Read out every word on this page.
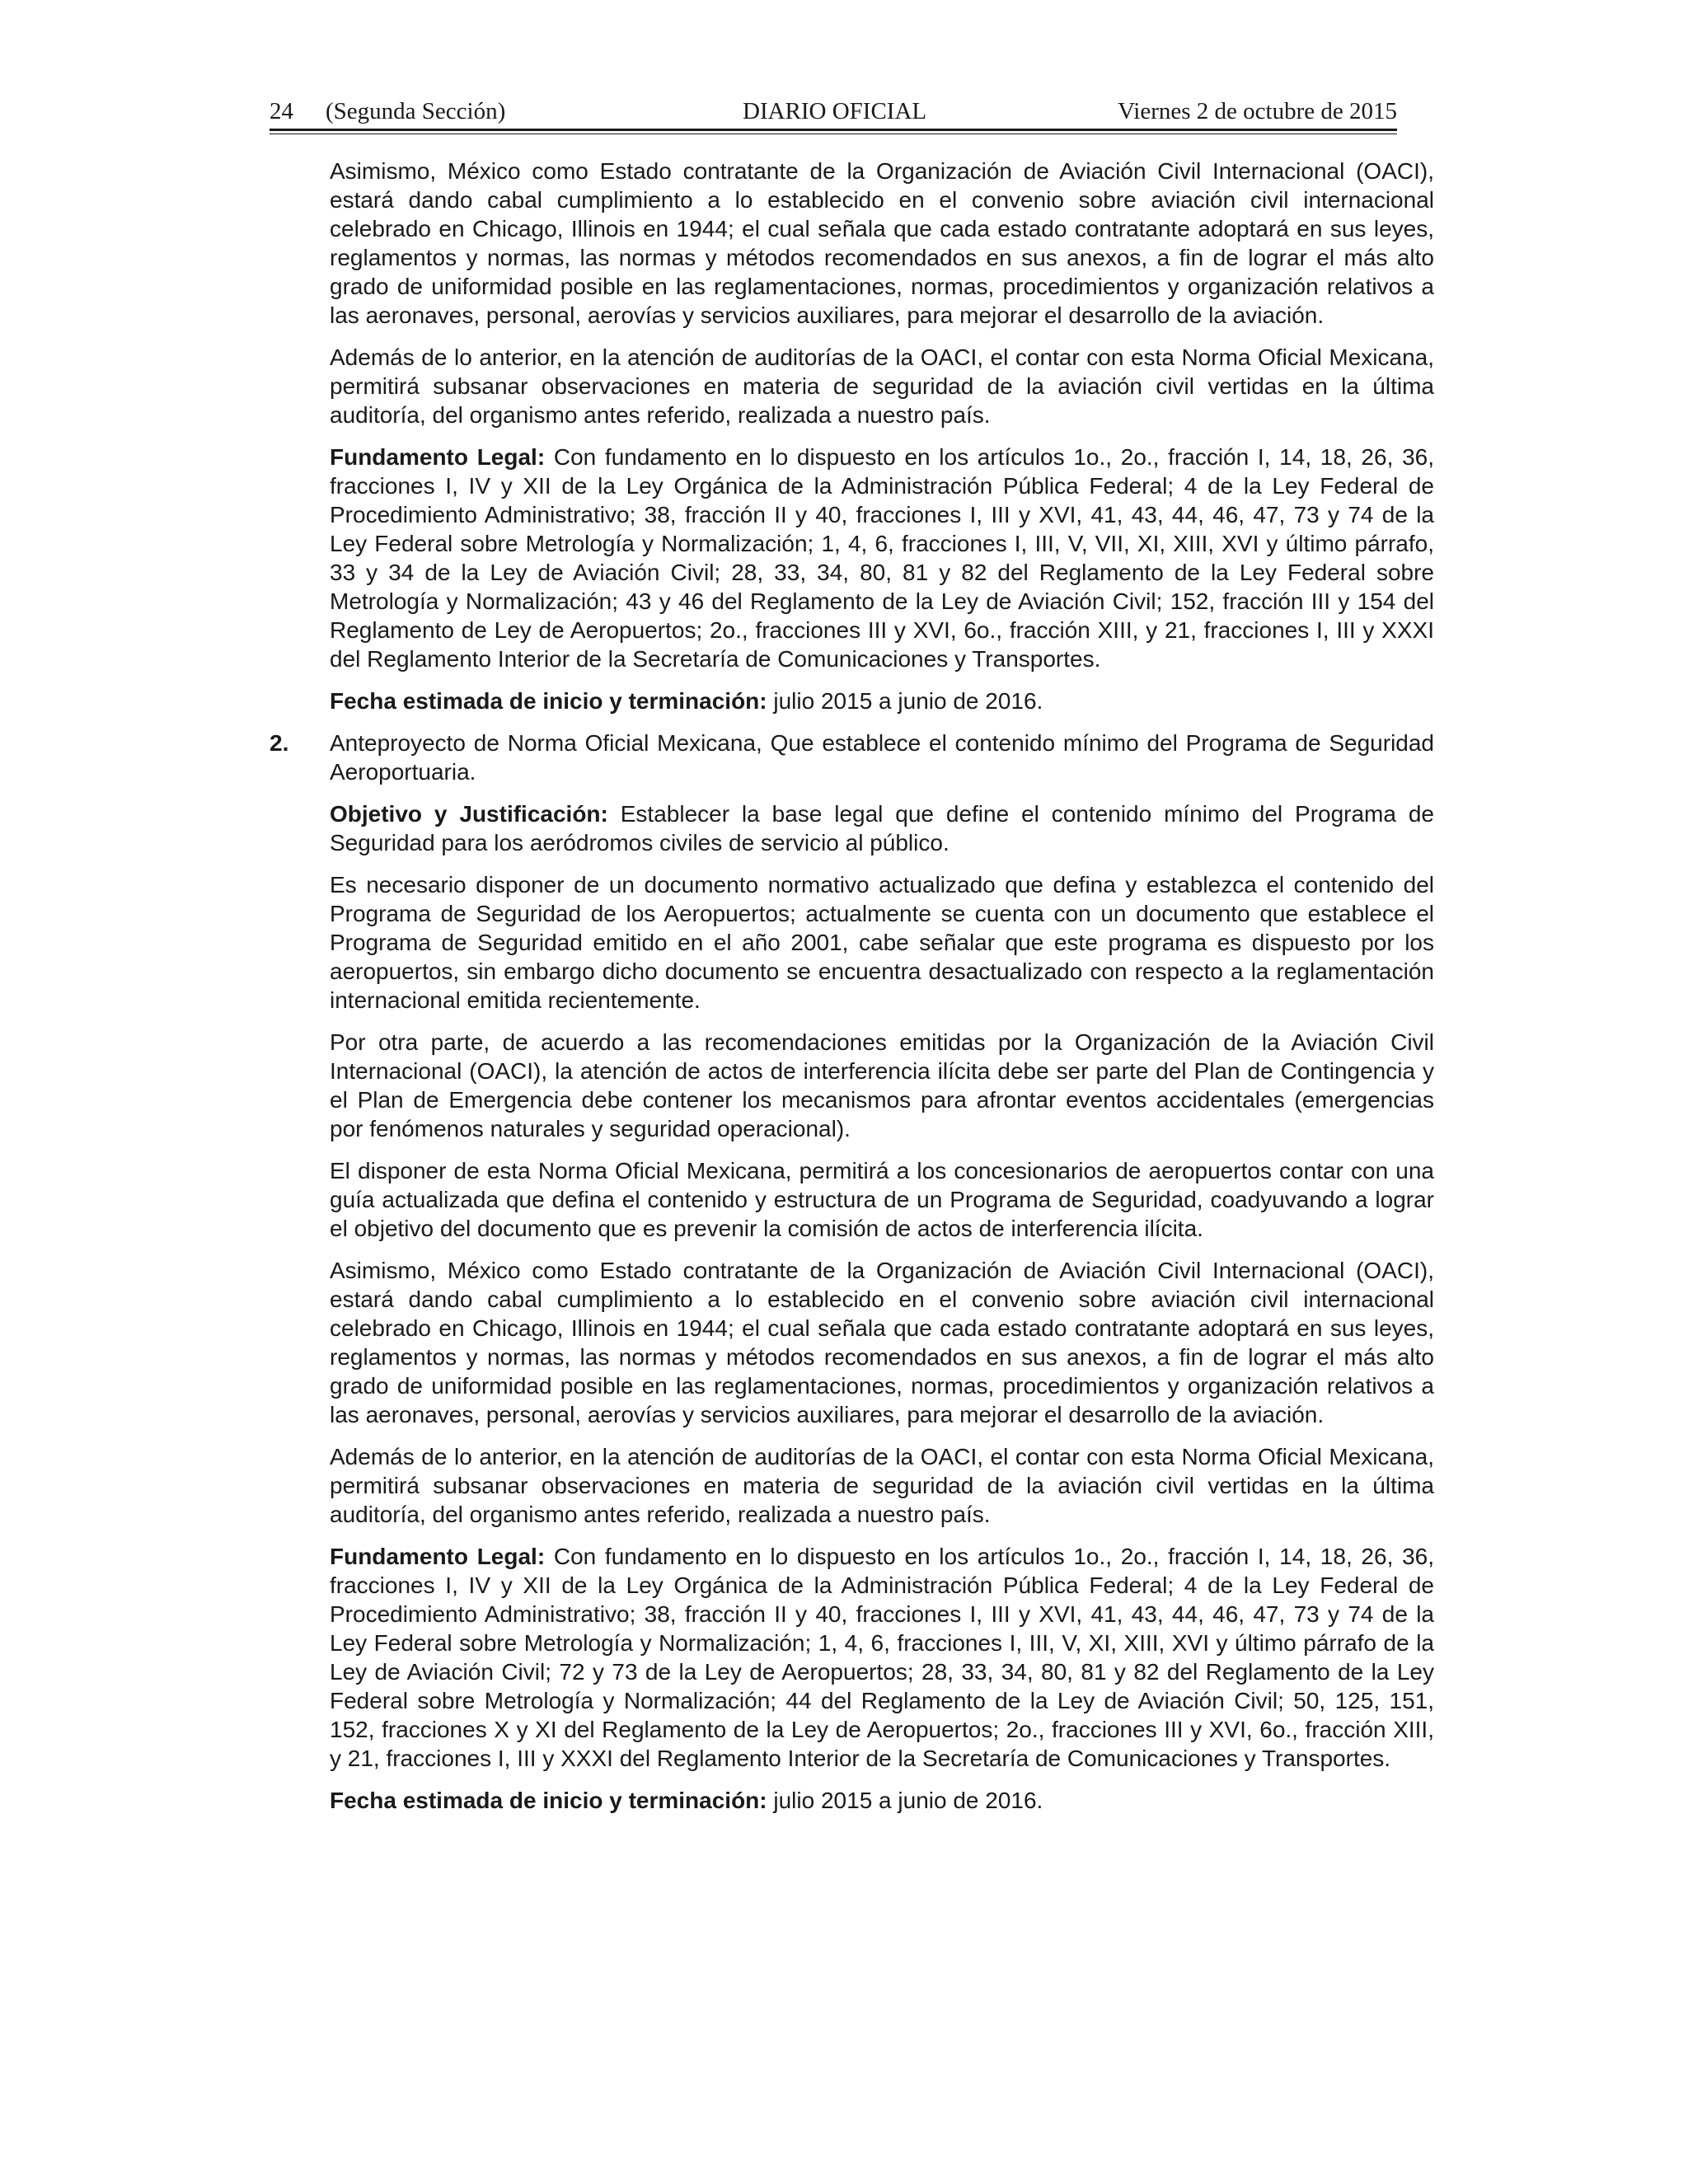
24 (Segunda Sección)	DIARIO OFICIAL	Viernes 2 de octubre de 2015

Asimismo, México como Estado contratante de la Organización de Aviación Civil Internacional (OACI), estará dando cabal cumplimiento a lo establecido en el convenio sobre aviación civil internacional celebrado en Chicago, Illinois en 1944; el cual señala que cada estado contratante adoptará en sus leyes, reglamentos y normas, las normas y métodos recomendados en sus anexos, a fin de lograr el más alto grado de uniformidad posible en las reglamentaciones, normas, procedimientos y organización relativos a las aeronaves, personal, aerovías y servicios auxiliares, para mejorar el desarrollo de la aviación.

Además de lo anterior, en la atención de auditorías de la OACI, el contar con esta Norma Oficial Mexicana, permitirá subsanar observaciones en materia de seguridad de la aviación civil vertidas en la última auditoría, del organismo antes referido, realizada a nuestro país.

Fundamento Legal: Con fundamento en lo dispuesto en los artículos 1o., 2o., fracción I, 14, 18, 26, 36, fracciones I, IV y XII de la Ley Orgánica de la Administración Pública Federal; 4 de la Ley Federal de Procedimiento Administrativo; 38, fracción II y 40, fracciones I, III y XVI, 41, 43, 44, 46, 47, 73 y 74 de la Ley Federal sobre Metrología y Normalización; 1, 4, 6, fracciones I, III, V, VII, XI, XIII, XVI y último párrafo, 33 y 34 de la Ley de Aviación Civil; 28, 33, 34, 80, 81 y 82 del Reglamento de la Ley Federal sobre Metrología y Normalización; 43 y 46 del Reglamento de la Ley de Aviación Civil; 152, fracción III y 154 del Reglamento de Ley de Aeropuertos; 2o., fracciones III y XVI, 6o., fracción XIII, y 21, fracciones I, III y XXXI del Reglamento Interior de la Secretaría de Comunicaciones y Transportes.

Fecha estimada de inicio y terminación: julio 2015 a junio de 2016.

2. Anteproyecto de Norma Oficial Mexicana, Que establece el contenido mínimo del Programa de Seguridad Aeroportuaria.

Objetivo y Justificación: Establecer la base legal que define el contenido mínimo del Programa de Seguridad para los aeródromos civiles de servicio al público.

Es necesario disponer de un documento normativo actualizado que defina y establezca el contenido del Programa de Seguridad de los Aeropuertos; actualmente se cuenta con un documento que establece el Programa de Seguridad emitido en el año 2001, cabe señalar que este programa es dispuesto por los aeropuertos, sin embargo dicho documento se encuentra desactualizado con respecto a la reglamentación internacional emitida recientemente.

Por otra parte, de acuerdo a las recomendaciones emitidas por la Organización de la Aviación Civil Internacional (OACI), la atención de actos de interferencia ilícita debe ser parte del Plan de Contingencia y el Plan de Emergencia debe contener los mecanismos para afrontar eventos accidentales (emergencias por fenómenos naturales y seguridad operacional).

El disponer de esta Norma Oficial Mexicana, permitirá a los concesionarios de aeropuertos contar con una guía actualizada que defina el contenido y estructura de un Programa de Seguridad, coadyuvando a lograr el objetivo del documento que es prevenir la comisión de actos de interferencia ilícita.

Asimismo, México como Estado contratante de la Organización de Aviación Civil Internacional (OACI), estará dando cabal cumplimiento a lo establecido en el convenio sobre aviación civil internacional celebrado en Chicago, Illinois en 1944; el cual señala que cada estado contratante adoptará en sus leyes, reglamentos y normas, las normas y métodos recomendados en sus anexos, a fin de lograr el más alto grado de uniformidad posible en las reglamentaciones, normas, procedimientos y organización relativos a las aeronaves, personal, aerovías y servicios auxiliares, para mejorar el desarrollo de la aviación.

Además de lo anterior, en la atención de auditorías de la OACI, el contar con esta Norma Oficial Mexicana, permitirá subsanar observaciones en materia de seguridad de la aviación civil vertidas en la última auditoría, del organismo antes referido, realizada a nuestro país.

Fundamento Legal: Con fundamento en lo dispuesto en los artículos 1o., 2o., fracción I, 14, 18, 26, 36, fracciones I, IV y XII de la Ley Orgánica de la Administración Pública Federal; 4 de la Ley Federal de Procedimiento Administrativo; 38, fracción II y 40, fracciones I, III y XVI, 41, 43, 44, 46, 47, 73 y 74 de la Ley Federal sobre Metrología y Normalización; 1, 4, 6, fracciones I, III, V, XI, XIII, XVI y último párrafo de la Ley de Aviación Civil; 72 y 73 de la Ley de Aeropuertos; 28, 33, 34, 80, 81 y 82 del Reglamento de la Ley Federal sobre Metrología y Normalización; 44 del Reglamento de la Ley de Aviación Civil; 50, 125, 151, 152, fracciones X y XI del Reglamento de la Ley de Aeropuertos; 2o., fracciones III y XVI, 6o., fracción XIII, y 21, fracciones I, III y XXXI del Reglamento Interior de la Secretaría de Comunicaciones y Transportes.

Fecha estimada de inicio y terminación: julio 2015 a junio de 2016.
